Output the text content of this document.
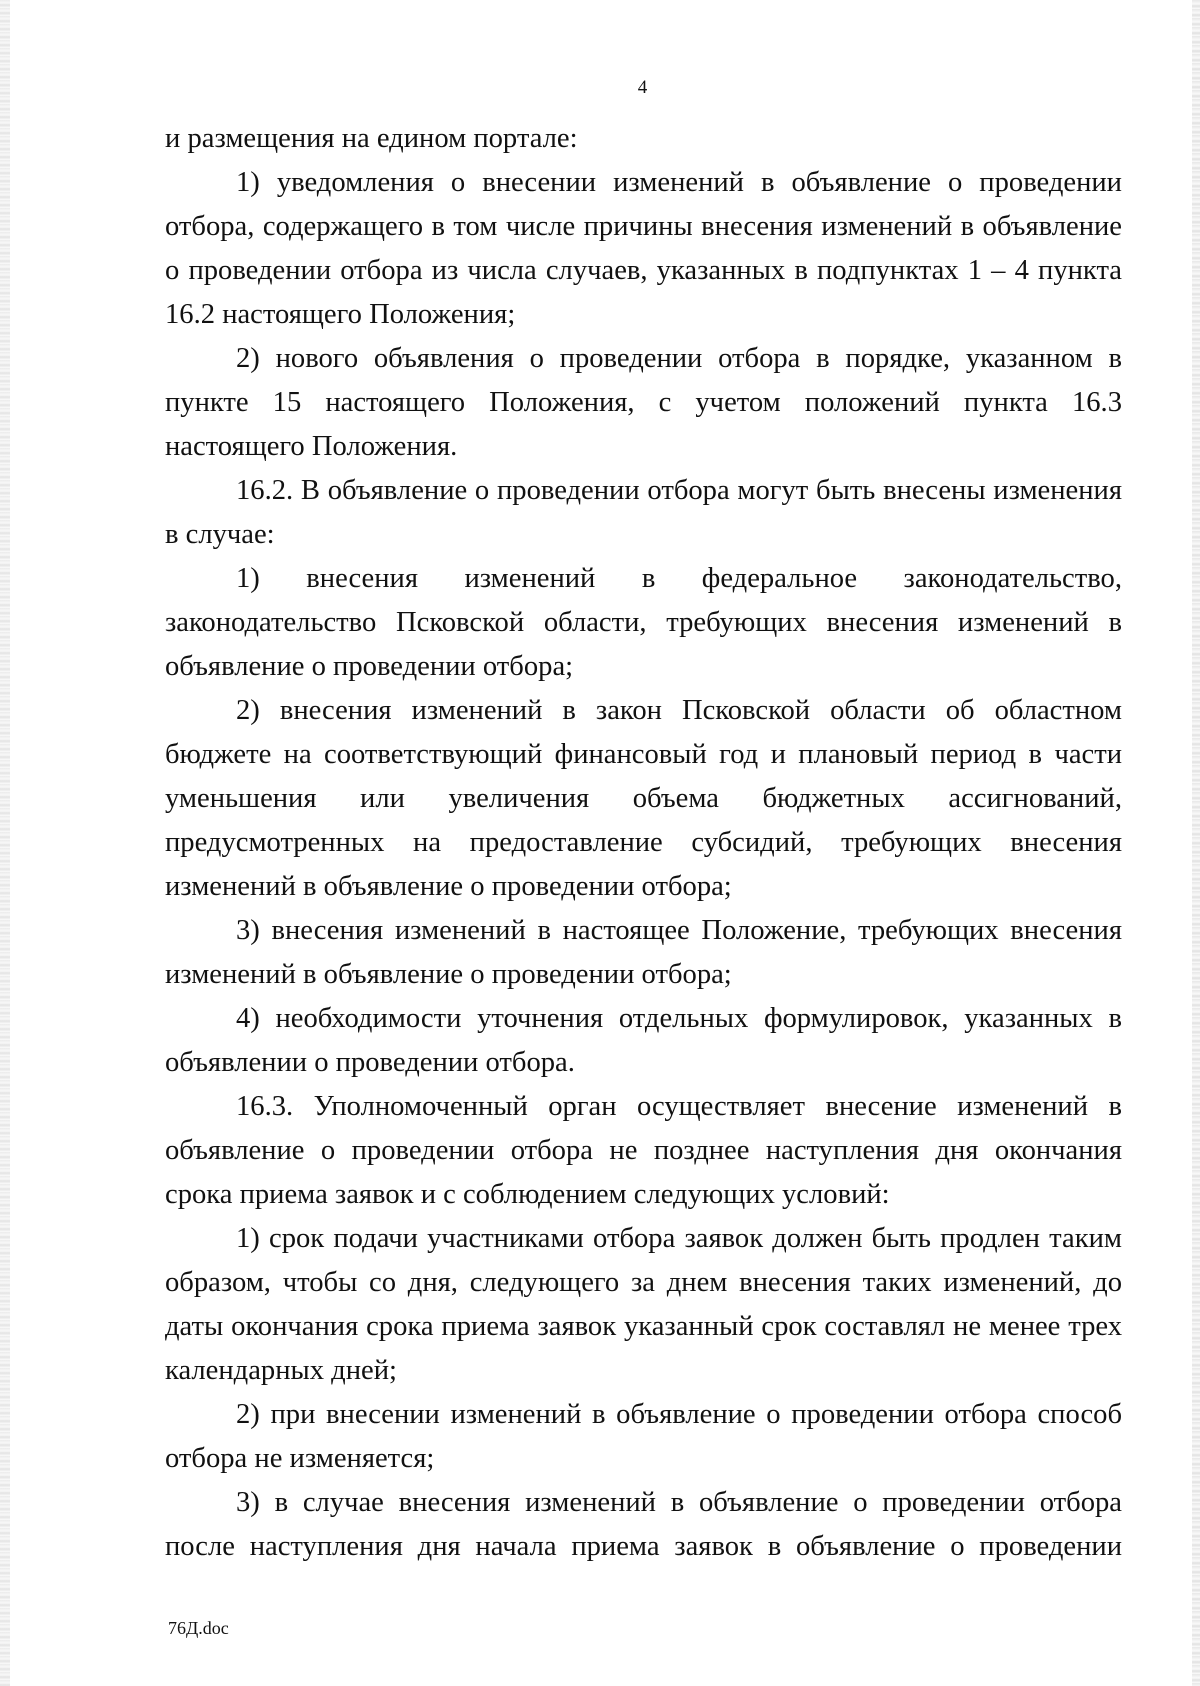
4

и размещения на едином портале:

1) уведомления о внесении изменений в объявление о проведении отбора, содержащего в том числе причины внесения изменений в объявление о проведении отбора из числа случаев, указанных в подпунктах 1 – 4 пункта 16.2 настоящего Положения;

2) нового объявления о проведении отбора в порядке, указанном в пункте 15 настоящего Положения, с учетом положений пункта 16.3 настоящего Положения.

16.2. В объявление о проведении отбора могут быть внесены изменения в случае:

1) внесения изменений в федеральное законодательство, законодательство Псковской области, требующих внесения изменений в объявление о проведении отбора;

2) внесения изменений в закон Псковской области об областном бюджете на соответствующий финансовый год и плановый период в части уменьшения или увеличения объема бюджетных ассигнований, предусмотренных на предоставление субсидий, требующих внесения изменений в объявление о проведении отбора;

3) внесения изменений в настоящее Положение, требующих внесения изменений в объявление о проведении отбора;

4) необходимости уточнения отдельных формулировок, указанных в объявлении о проведении отбора.

16.3. Уполномоченный орган осуществляет внесение изменений в объявление о проведении отбора не позднее наступления дня окончания срока приема заявок и с соблюдением следующих условий:

1) срок подачи участниками отбора заявок должен быть продлен таким образом, чтобы со дня, следующего за днем внесения таких изменений, до даты окончания срока приема заявок указанный срок составлял не менее трех календарных дней;

2) при внесении изменений в объявление о проведении отбора способ отбора не изменяется;

3) в случае внесения изменений в объявление о проведении отбора после наступления дня начала приема заявок в объявление о проведении

76Д.doc
